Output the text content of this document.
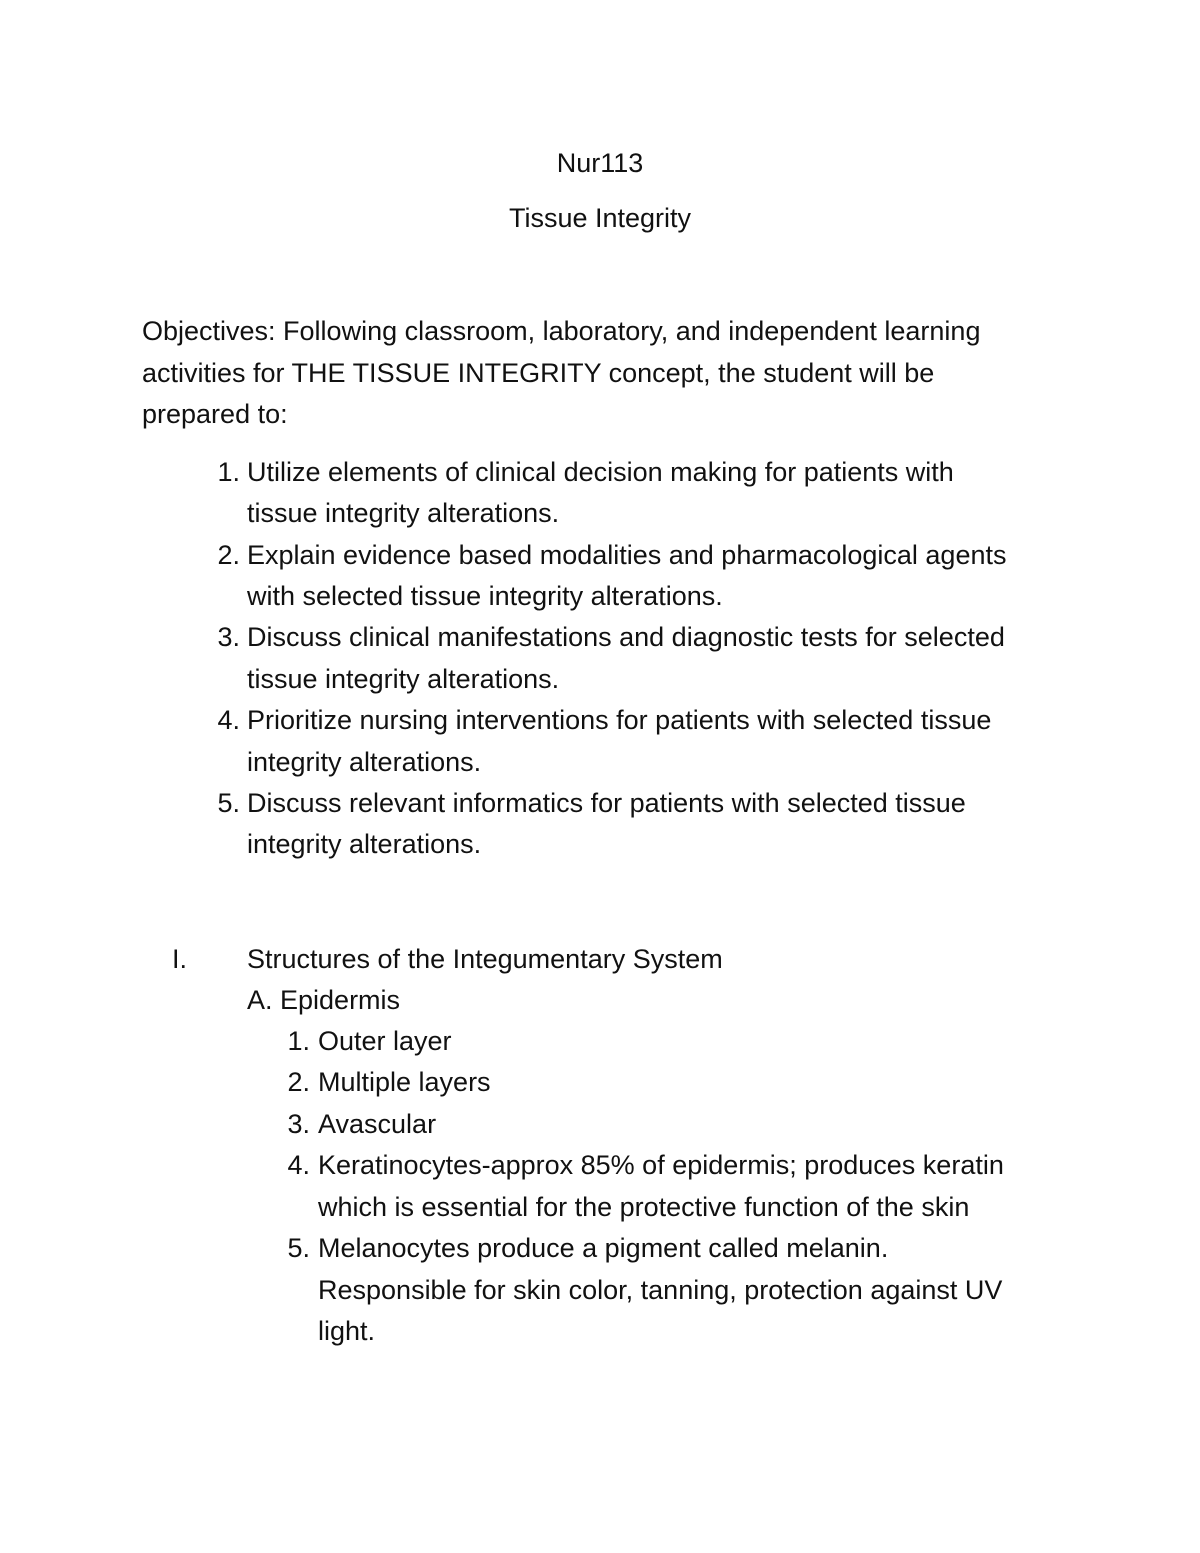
Nur113
Tissue Integrity
Objectives: Following classroom, laboratory, and independent learning
activities for THE TISSUE INTEGRITY concept, the student will be
prepared to:
1. Utilize elements of clinical decision making for patients with
tissue integrity alterations.
2. Explain evidence based modalities and pharmacological agents
with selected tissue integrity alterations.
3. Discuss clinical manifestations and diagnostic tests for selected
tissue integrity alterations.
4. Prioritize nursing interventions for patients with selected tissue
integrity alterations.
5. Discuss relevant informatics for patients with selected tissue
integrity alterations.
I. Structures of the Integumentary System
A. Epidermis
1. Outer layer
2. Multiple layers
3. Avascular
4. Keratinocytes-approx 85% of epidermis; produces keratin
which is essential for the protective function of the skin
5. Melanocytes produce a pigment called melanin.
Responsible for skin color, tanning, protection against UV
light.
